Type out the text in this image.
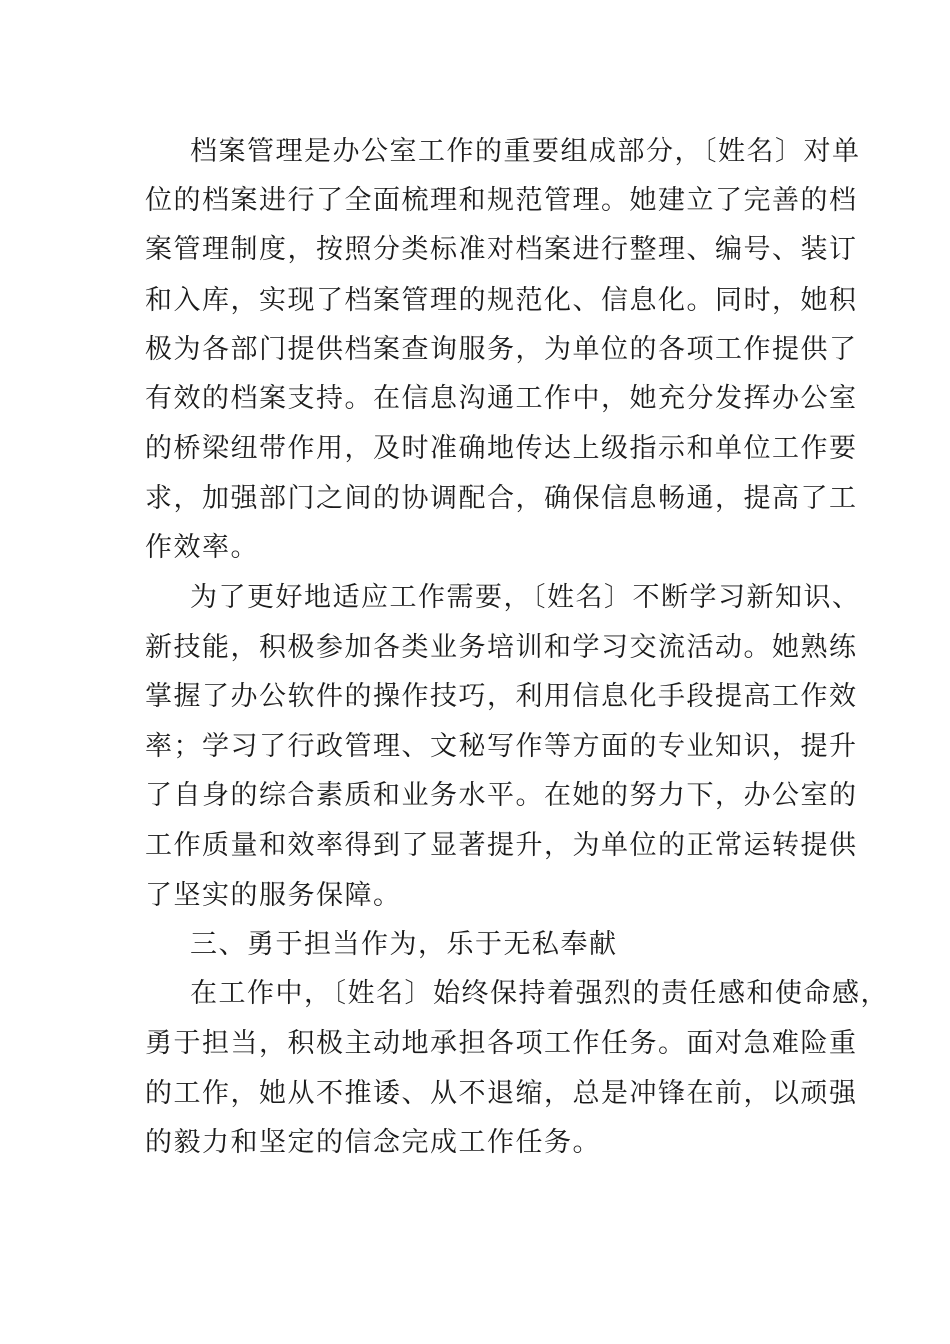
档案管理是办公室工作的重要组成部分，〔姓名〕对单

位的档案进行了全面梳理和规范管理。她建立了完善的档

案管理制度，按照分类标准对档案进行整理、编号、装订

和入库，实现了档案管理的规范化、信息化。同时，她积

极为各部门提供档案查询服务，为单位的各项工作提供了

有效的档案支持。在信息沟通工作中，她充分发挥办公室

的桥梁纽带作用，及时准确地传达上级指示和单位工作要

求，加强部门之间的协调配合，确保信息畅通，提高了工

作效率。

为了更好地适应工作需要，〔姓名〕不断学习新知识、

新技能，积极参加各类业务培训和学习交流活动。她熟练

掌握了办公软件的操作技巧，利用信息化手段提高工作效

率；学习了行政管理、文秘写作等方面的专业知识，提升

了自身的综合素质和业务水平。在她的努力下，办公室的

工作质量和效率得到了显著提升，为单位的正常运转提供

了坚实的服务保障。

三、勇于担当作为，乐于无私奉献

在工作中，〔姓名〕始终保持着强烈的责任感和使命感，

勇于担当，积极主动地承担各项工作任务。面对急难险重

的工作，她从不推诿、从不退缩，总是冲锋在前，以顽强

的毅力和坚定的信念完成工作任务。
